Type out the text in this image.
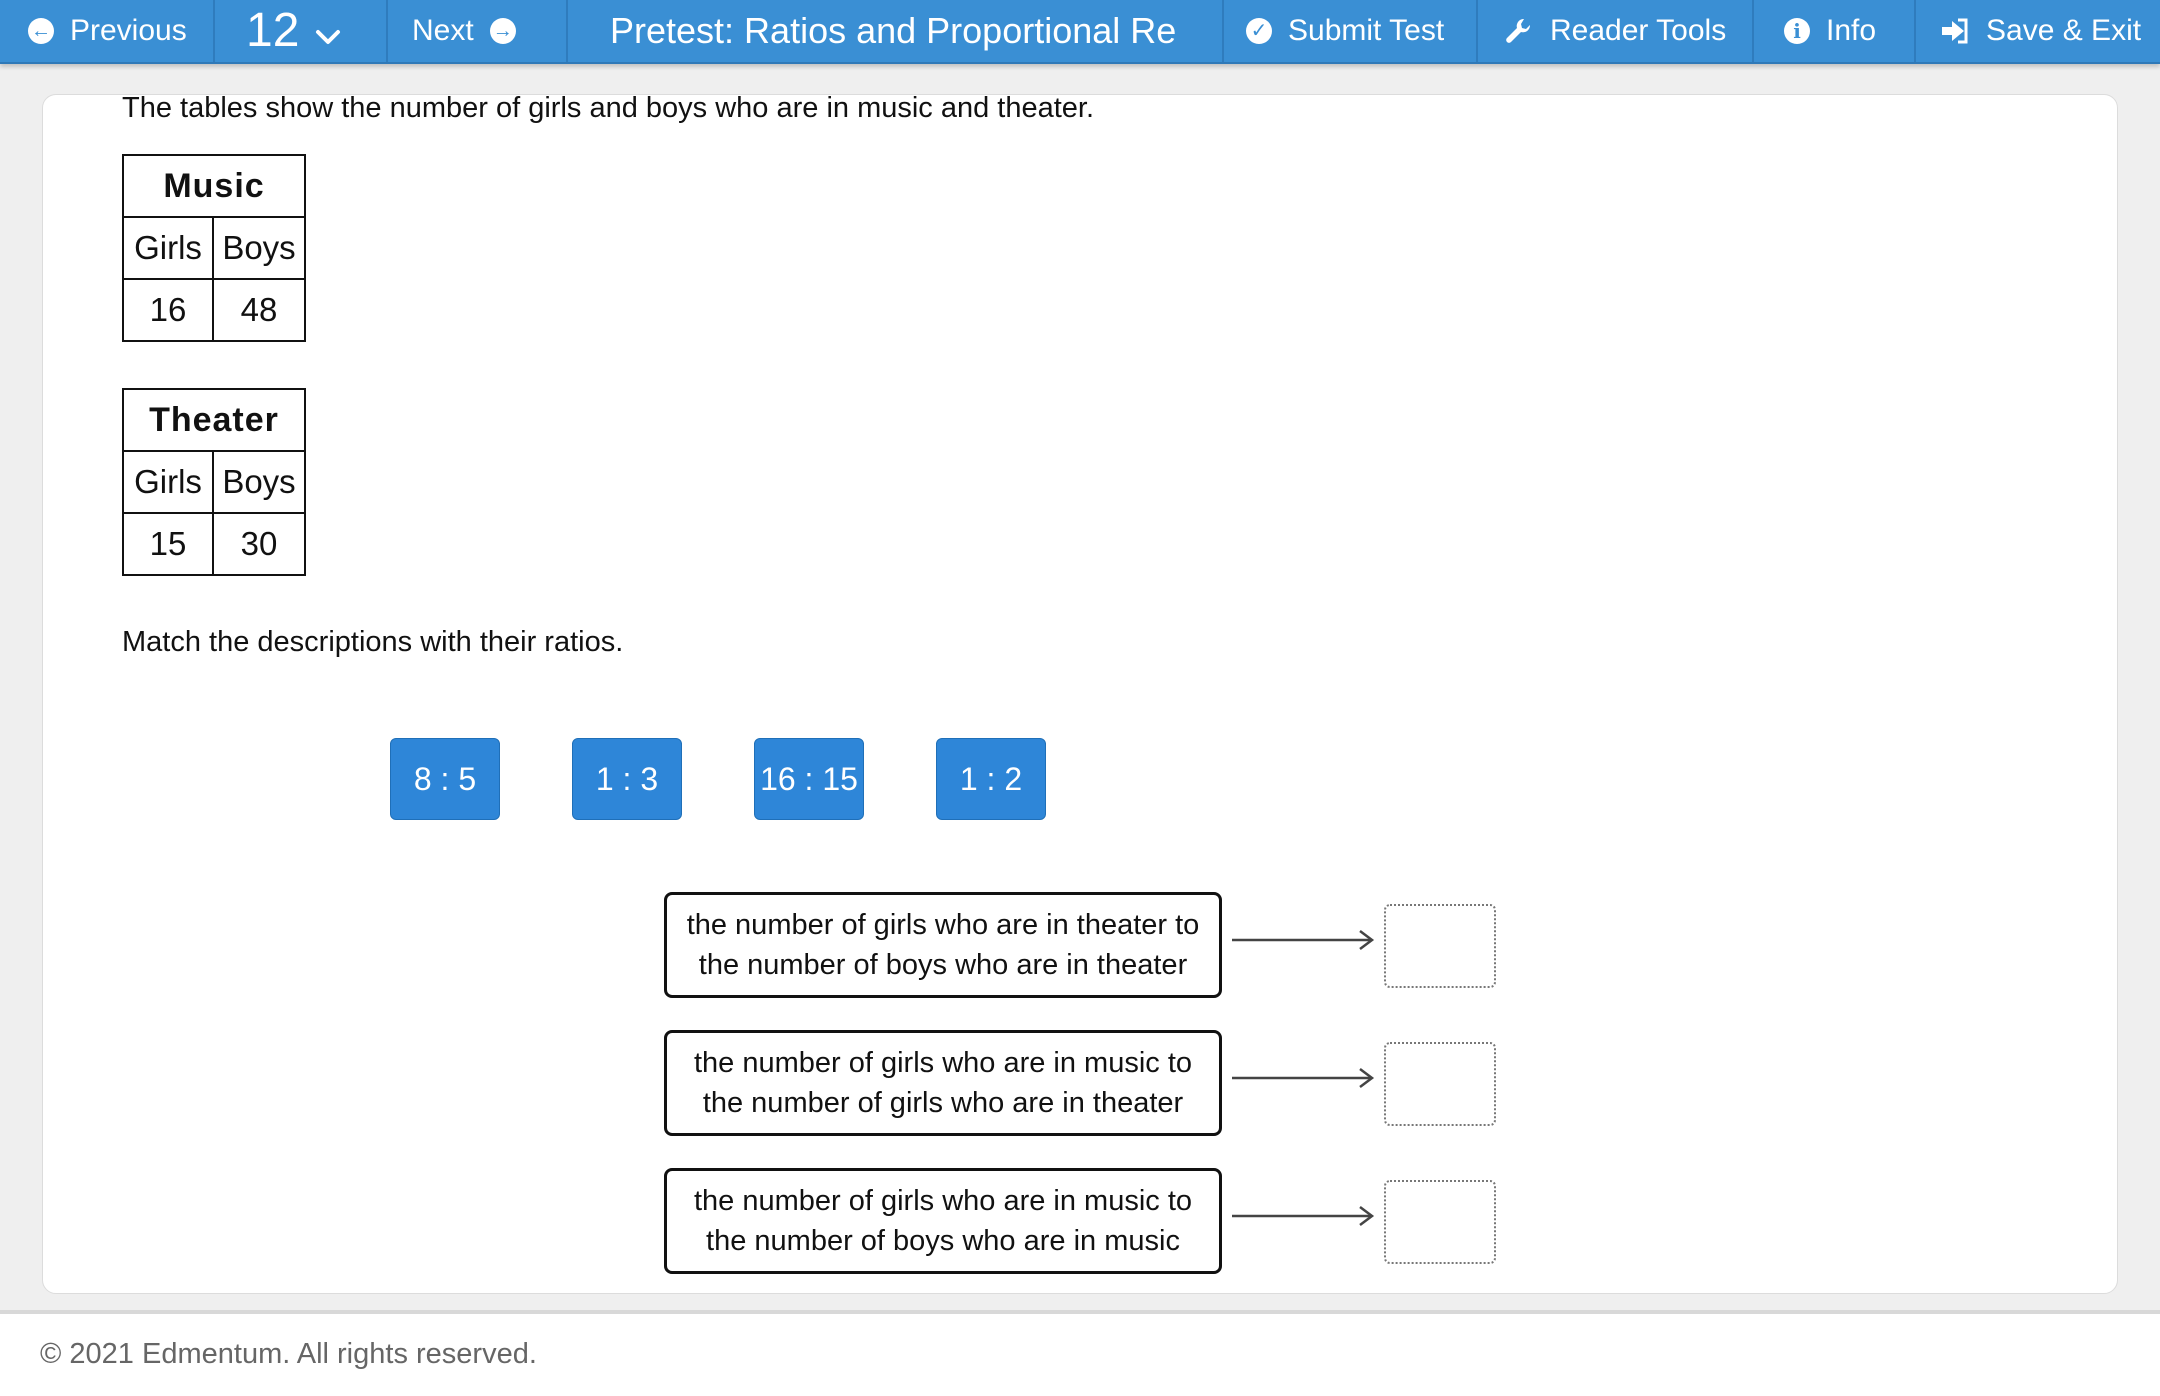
← Previous 12	Next →	Pretest: Ratios and Proportional Re	✓ Submit Test	Reader Tools	i Info	Save & Exit
The tables show the number of girls and boys who are in music and theater.
Music	
Girls	Boys
16	48
Theater	
Girls	Boys
15	30
Match the descriptions with their ratios.
8 : 5	1 : 3	16 : 15	1 : 2
the number of girls who are in theater to
the number of boys who are in theater
the number of girls who are in music to
the number of girls who are in theater
the number of girls who are in music to
the number of boys who are in music
© 2021 Edmentum. All rights reserved.
